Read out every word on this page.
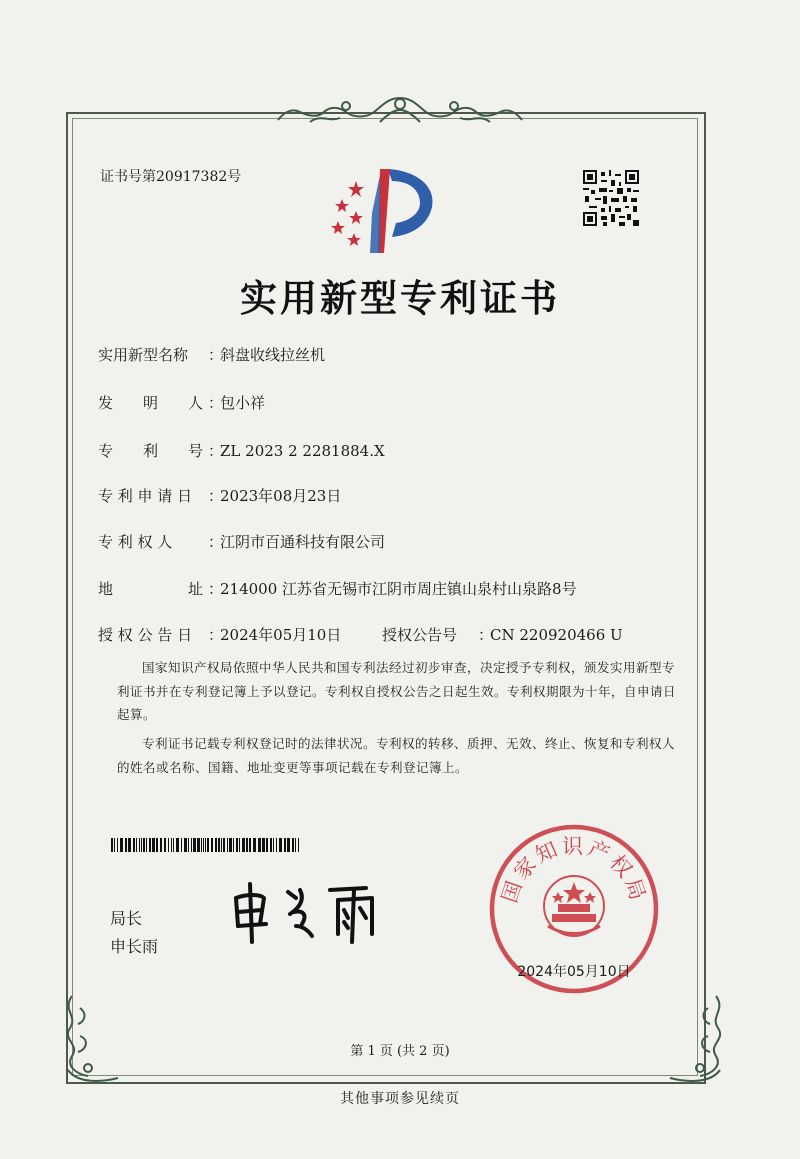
证书号第20917382号
实用新型专利证书
实用新型名称 ：斜盘收线拉丝机
发　　明　　人 ：包小祥
专　　利　　号 ：ZL 2023 2 2281884.X
专 利 申 请 日 ：2023年08月23日
专 利 权 人 ：江阴市百通科技有限公司
地　　　　　址 ：214000 江苏省无锡市江阴市周庄镇山泉村山泉路8号
授 权 公 告 日 ：2024年05月10日	授权公告号 ：CN 220920466 U
国家知识产权局依照中华人民共和国专利法经过初步审查，决定授予专利权，颁发实用新型专利证书并在专利登记簿上予以登记。专利权自授权公告之日起生效。专利权期限为十年，自申请日起算。
专利证书记载专利权登记时的法律状况。专利权的转移、质押、无效、终止、恢复和专利权人的姓名或名称、国籍、地址变更等事项记载在专利登记簿上。
局长
申长雨
国家知识产权局
2024年05月10日
第 1 页 (共 2 页)
其他事项参见续页
